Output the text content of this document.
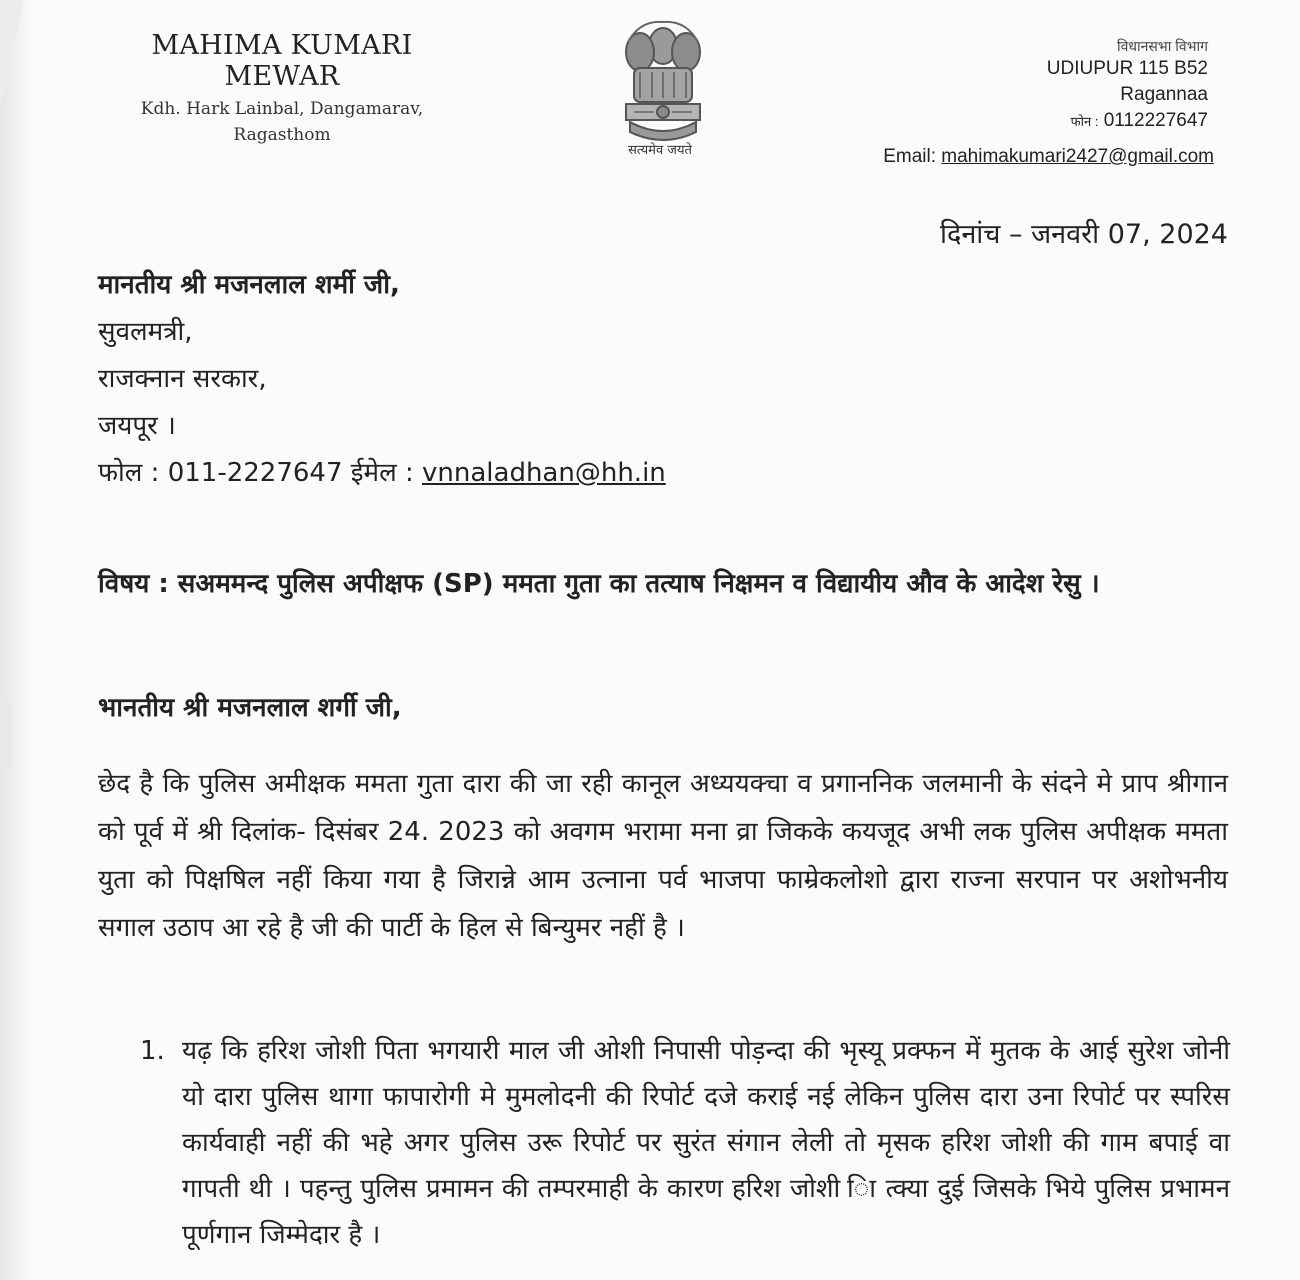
MAHIMA KUMARI MEWAR
Kdh. Hark Lainbal, Dangamarav,
Ragasthom
सत्यमेव जयते
विधानसभा विभाग
UDIUPUR 115 B52
Ragannaa
फोन : 0112227647
Email: mahimakumari2427@gmail.com
दिनांच – जनवरी 07, 2024
मानतीय श्री मजनलाल शर्मी जी,
सुवलमत्री,
राजक्नान सरकार,
जयपूर ।
फोल : 011-2227647 ईमेल : vnnaladhan@hh.in
विषय : सअममन्द पुलिस अपीक्षफ (SP) ममता गुता का तत्याष निक्षमन व विद्यायीय औव के आदेश रेसु ।
भानतीय श्री मजनलाल शर्गी जी,
छेद है कि पुलिस अमीक्षक ममता गुता दारा की जा रही कानूल अध्ययक्चा व प्रगाननिक जलमानी के संदने मे प्राप श्रीगान को पूर्व में श्री दिलांक- दिसंबर 24. 2023 को अवगम भरामा मना व्रा जिकके कयजूद अभी लक पुलिस अपीक्षक ममता युता को पिक्षषिल नहीं किया गया है जिरान्ने आम उत्नाना पर्व भाजपा फाम्रेकलोशो द्वारा राज्ना सरपान पर अशोभनीय सगाल उठाप आ रहे है जी की पार्टी के हिल से बिन्युमर नहीं है ।
1. यढ़ कि हरिश जोशी पिता भगयारी माल जी ओशी निपासी पोड़न्दा की भृस्यू प्रक्फन में मुतक के आई सुरेश जोनी यो दारा पुलिस थागा फापारोगी मे मुमलोदनी की रिपोर्ट दजे कराई नई लेकिन पुलिस दारा उना रिपोर्ट पर स्परिस कार्यवाही नहीं की भहे अगर पुलिस उरू रिपोर्ट पर सुरंत संगान लेली तो मृसक हरिश जोशी की गाम बपाई वा गापती थी । पहन्तु पुलिस प्रमामन की तम्परमाही के कारण हरिश जोशी ाि त्क्या दुई जिसके भिये पुलिस प्रभामन पूर्णगान जिम्मेदार है ।
